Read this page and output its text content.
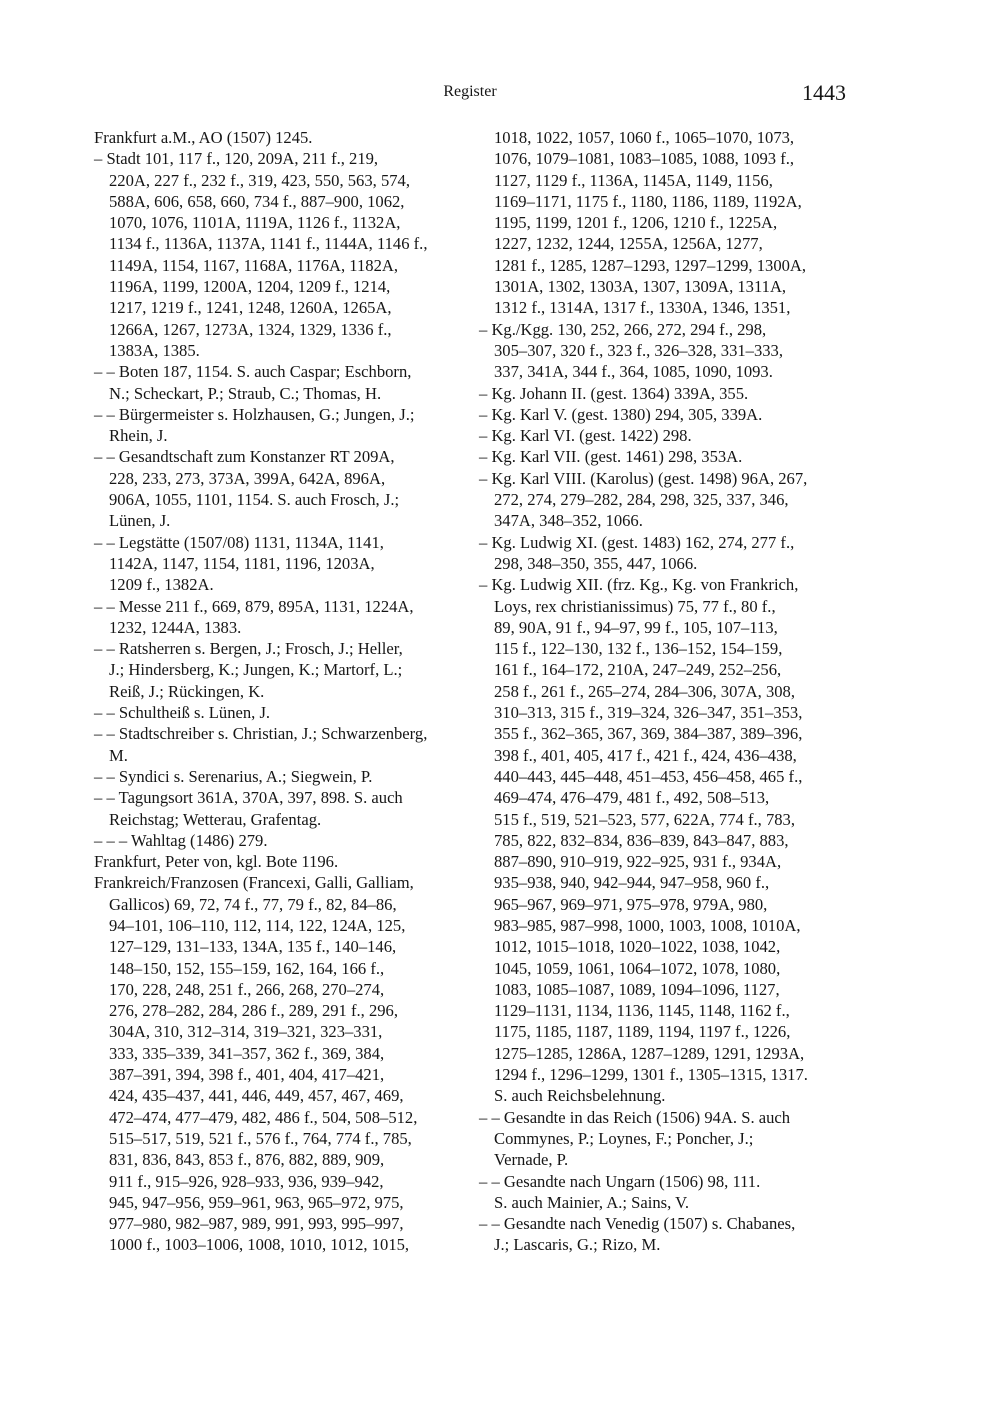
Register	1443
Frankfurt a.M., AO (1507) 1245.
– Stadt 101, 117 f., 120, 209A, 211 f., 219,
220A, 227 f., 232 f., 319, 423, 550, 563, 574,
588A, 606, 658, 660, 734 f., 887–900, 1062,
1070, 1076, 1101A, 1119A, 1126 f., 1132A,
1134 f., 1136A, 1137A, 1141 f., 1144A, 1146 f.,
1149A, 1154, 1167, 1168A, 1176A, 1182A,
1196A, 1199, 1200A, 1204, 1209 f., 1214,
1217, 1219 f., 1241, 1248, 1260A, 1265A,
1266A, 1267, 1273A, 1324, 1329, 1336 f.,
1383A, 1385.
– – Boten 187, 1154. S. auch Caspar; Eschborn,
N.; Scheckart, P.; Straub, C.; Thomas, H.
– – Bürgermeister s. Holzhausen, G.; Jungen, J.;
Rhein, J.
– – Gesandtschaft zum Konstanzer RT 209A,
228, 233, 273, 373A, 399A, 642A, 896A,
906A, 1055, 1101, 1154. S. auch Frosch, J.;
Lünen, J.
– – Legstätte (1507/08) 1131, 1134A, 1141,
1142A, 1147, 1154, 1181, 1196, 1203A,
1209 f., 1382A.
– – Messe 211 f., 669, 879, 895A, 1131, 1224A,
1232, 1244A, 1383.
– – Ratsherren s. Bergen, J.; Frosch, J.; Heller,
J.; Hindersberg, K.; Jungen, K.; Martorf, L.;
Reiß, J.; Rückingen, K.
– – Schultheiß s. Lünen, J.
– – Stadtschreiber s. Christian, J.; Schwarzenberg,
M.
– – Syndici s. Serenarius, A.; Siegwein, P.
– – Tagungsort 361A, 370A, 397, 898. S. auch
Reichstag; Wetterau, Grafentag.
– – – Wahltag (1486) 279.
Frankfurt, Peter von, kgl. Bote 1196.
Frankreich/Franzosen (Francexi, Galli, Galliam,
Gallicos) 69, 72, 74 f., 77, 79 f., 82, 84–86,
94–101, 106–110, 112, 114, 122, 124A, 125,
127–129, 131–133, 134A, 135 f., 140–146,
148–150, 152, 155–159, 162, 164, 166 f.,
170, 228, 248, 251 f., 266, 268, 270–274,
276, 278–282, 284, 286 f., 289, 291 f., 296,
304A, 310, 312–314, 319–321, 323–331,
333, 335–339, 341–357, 362 f., 369, 384,
387–391, 394, 398 f., 401, 404, 417–421,
424, 435–437, 441, 446, 449, 457, 467, 469,
472–474, 477–479, 482, 486 f., 504, 508–512,
515–517, 519, 521 f., 576 f., 764, 774 f., 785,
831, 836, 843, 853 f., 876, 882, 889, 909,
911 f., 915–926, 928–933, 936, 939–942,
945, 947–956, 959–961, 963, 965–972, 975,
977–980, 982–987, 989, 991, 993, 995–997,
1000 f., 1003–1006, 1008, 1010, 1012, 1015,
1018, 1022, 1057, 1060 f., 1065–1070, 1073,
1076, 1079–1081, 1083–1085, 1088, 1093 f.,
1127, 1129 f., 1136A, 1145A, 1149, 1156,
1169–1171, 1175 f., 1180, 1186, 1189, 1192A,
1195, 1199, 1201 f., 1206, 1210 f., 1225A,
1227, 1232, 1244, 1255A, 1256A, 1277,
1281 f., 1285, 1287–1293, 1297–1299, 1300A,
1301A, 1302, 1303A, 1307, 1309A, 1311A,
1312 f., 1314A, 1317 f., 1330A, 1346, 1351,
– Kg./Kgg. 130, 252, 266, 272, 294 f., 298,
305–307, 320 f., 323 f., 326–328, 331–333,
337, 341A, 344 f., 364, 1085, 1090, 1093.
– Kg. Johann II. (gest. 1364) 339A, 355.
– Kg. Karl V. (gest. 1380) 294, 305, 339A.
– Kg. Karl VI. (gest. 1422) 298.
– Kg. Karl VII. (gest. 1461) 298, 353A.
– Kg. Karl VIII. (Karolus) (gest. 1498) 96A, 267,
272, 274, 279–282, 284, 298, 325, 337, 346,
347A, 348–352, 1066.
– Kg. Ludwig XI. (gest. 1483) 162, 274, 277 f.,
298, 348–350, 355, 447, 1066.
– Kg. Ludwig XII. (frz. Kg., Kg. von Frankrich,
Loys, rex christianissimus) 75, 77 f., 80 f.,
89, 90A, 91 f., 94–97, 99 f., 105, 107–113,
115 f., 122–130, 132 f., 136–152, 154–159,
161 f., 164–172, 210A, 247–249, 252–256,
258 f., 261 f., 265–274, 284–306, 307A, 308,
310–313, 315 f., 319–324, 326–347, 351–353,
355 f., 362–365, 367, 369, 384–387, 389–396,
398 f., 401, 405, 417 f., 421 f., 424, 436–438,
440–443, 445–448, 451–453, 456–458, 465 f.,
469–474, 476–479, 481 f., 492, 508–513,
515 f., 519, 521–523, 577, 622A, 774 f., 783,
785, 822, 832–834, 836–839, 843–847, 883,
887–890, 910–919, 922–925, 931 f., 934A,
935–938, 940, 942–944, 947–958, 960 f.,
965–967, 969–971, 975–978, 979A, 980,
983–985, 987–998, 1000, 1003, 1008, 1010A,
1012, 1015–1018, 1020–1022, 1038, 1042,
1045, 1059, 1061, 1064–1072, 1078, 1080,
1083, 1085–1087, 1089, 1094–1096, 1127,
1129–1131, 1134, 1136, 1145, 1148, 1162 f.,
1175, 1185, 1187, 1189, 1194, 1197 f., 1226,
1275–1285, 1286A, 1287–1289, 1291, 1293A,
1294 f., 1296–1299, 1301 f., 1305–1315, 1317.
S. auch Reichsbelehnung.
– – Gesandte in das Reich (1506) 94A. S. auch
Commynes, P.; Loynes, F.; Poncher, J.;
Vernade, P.
– – Gesandte nach Ungarn (1506) 98, 111.
S. auch Mainier, A.; Sains, V.
– – Gesandte nach Venedig (1507) s. Chabanes,
J.; Lascaris, G.; Rizo, M.
